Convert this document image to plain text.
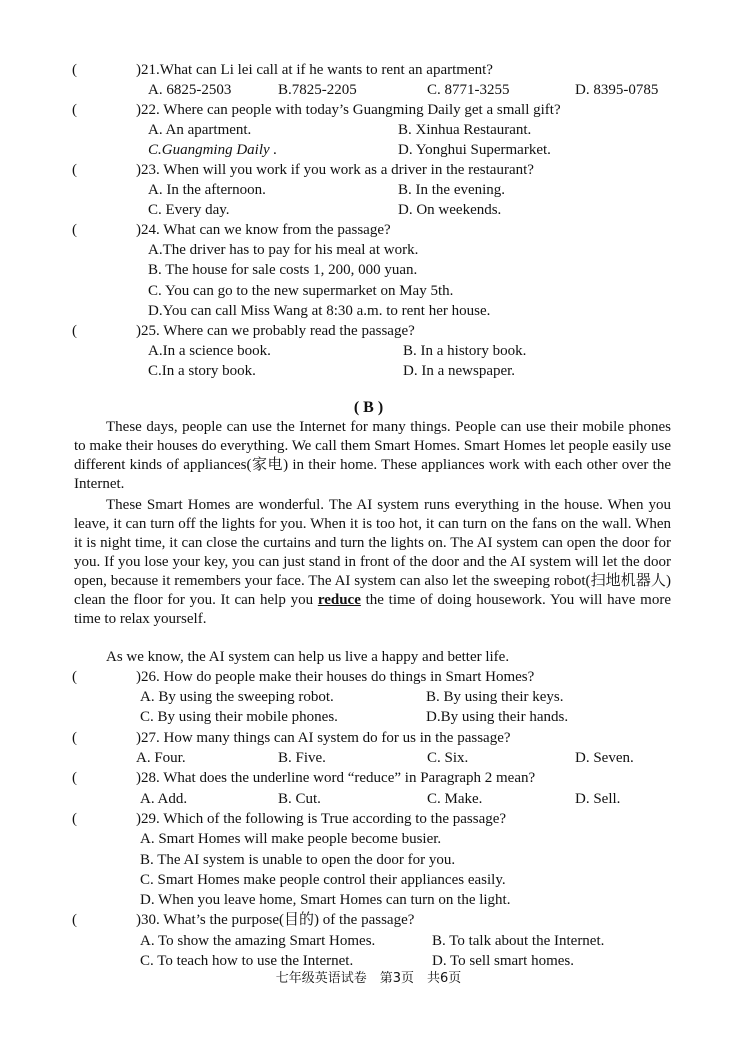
(	)21.What can Li lei call at if he wants to rent an apartment?
A. 6825-2503	B.7825-2205	C. 8771-3255	D. 8395-0785
(	)22. Where can people with today’s Guangming Daily get a small gift?
A. An apartment.	B. Xinhua Restaurant.
C.Guangming Daily .	D. Yonghui Supermarket.
(	)23. When will you work if you work as a driver in the restaurant?
A. In the afternoon.	B. In the evening.
C. Every day.	D. On weekends.
(	)24. What can we know from the passage?
A.The driver has to pay for his meal at work.
B. The house for sale costs 1, 200, 000 yuan.
C. You can go to the new supermarket on May 5th.
D.You can call Miss Wang at 8:30 a.m. to rent her house.
(	)25. Where can we probably read the passage?
A.In a science book.	B. In a history book.
C.In a story book.	D. In a newspaper.
( B )
These days, people can use the Internet for many things. People can use their mobile phones to make their houses do everything. We call them Smart Homes. Smart Homes let people easily use different kinds of appliances(家电) in their home. These appliances work with each other over the Internet.
These Smart Homes are wonderful. The AI system runs everything in the house. When you leave, it can turn off the lights for you. When it is too hot, it can turn on the fans on the wall. When it is night time, it can close the curtains and turn the lights on. The AI system can open the door for you. If you lose your key, you can just stand in front of the door and the AI system will let the door open, because it remembers your face. The AI system can also let the sweeping robot(扫地机器人) clean the floor for you. It can help you reduce the time of doing housework. You will have more time to relax yourself.
As we know, the AI system can help us live a happy and better life.
(	)26. How do people make their houses do things in Smart Homes?
A. By using the sweeping robot.	B. By using their keys.
C. By using their mobile phones.	D.By using their hands.
(	)27. How many things can AI system do for us in the passage?
A. Four.	B. Five.	C. Six.	D. Seven.
(	)28. What does the underline word “reduce” in Paragraph 2 mean?
A. Add.	B. Cut.	C. Make.	D. Sell.
(	)29. Which of the following is True according to the passage?
A. Smart Homes will make people become busier.
B. The AI system is unable to open the door for you.
C. Smart Homes make people control their appliances easily.
D. When you leave home, Smart Homes can turn on the light.
(	)30. What’s the purpose(目的) of the passage?
A. To show the amazing Smart Homes.	B. To talk about the Internet.
C. To teach how to use the Internet.	D. To sell smart homes.
七年级英语试卷　第3页　共6页
